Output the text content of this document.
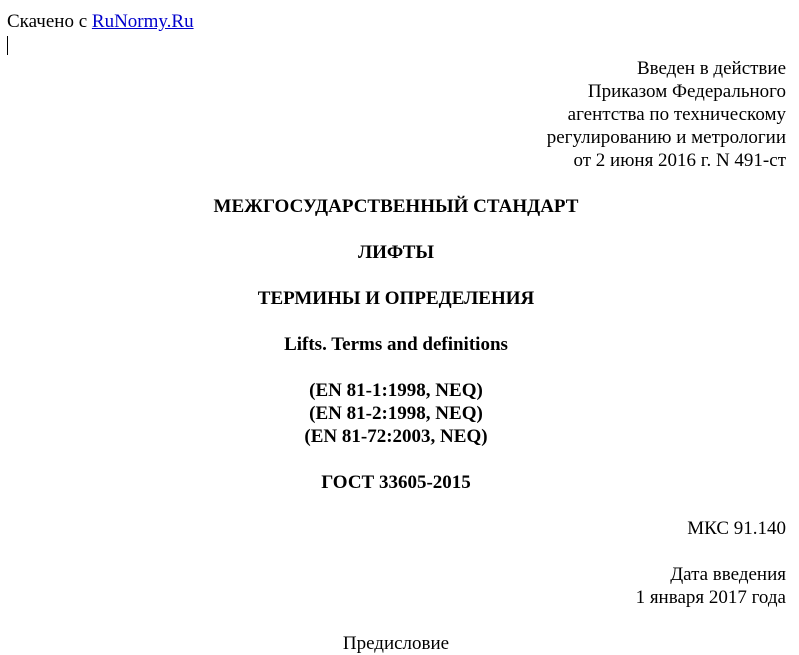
Скачено с RuNormy.Ru
Введен в действие
Приказом Федерального
агентства по техническому
регулированию и метрологии
от 2 июня 2016 г. N 491-ст
МЕЖГОСУДАРСТВЕННЫЙ СТАНДАРТ
ЛИФТЫ
ТЕРМИНЫ И ОПРЕДЕЛЕНИЯ
Lifts. Terms and definitions
(EN 81-1:1998, NEQ)
(EN 81-2:1998, NEQ)
(EN 81-72:2003, NEQ)
ГОСТ 33605-2015
МКС 91.140
Дата введения
1 января 2017 года
Предисловие
